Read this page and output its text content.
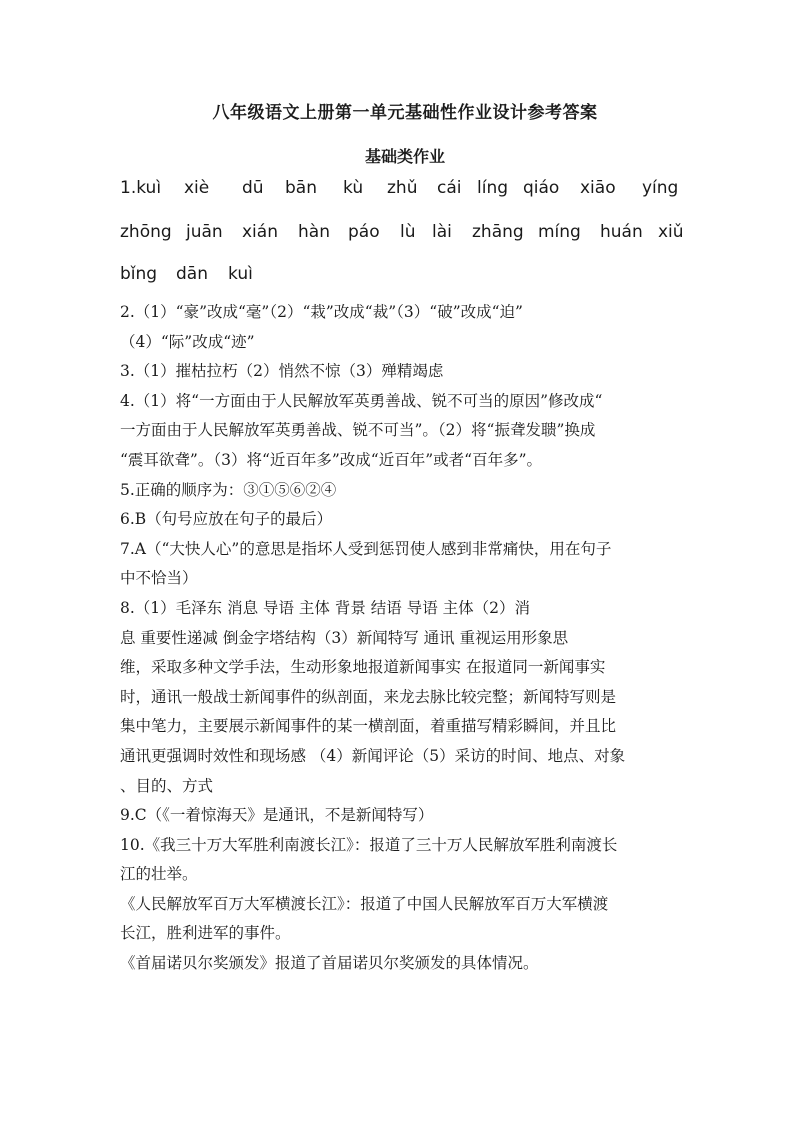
八年级语文上册第一单元基础性作业设计参考答案
基础类作业
1.kuì	xiè	dū	bān	kù	zhǔ	cái líng qiáo	xiāo	yíng
zhōng juān	xián	hàn	páo	lù lài	zhāng míng	huán xiǔ
bǐng dān	kuì
2.（1）“豪”改成“毫”（2）“栽”改成“裁”（3）“破”改成“迫”
（4）“际”改成“迹”
3.（1）摧枯拉朽（2）悄然不惊（3）殚精竭虑
4.（1）将“一方面由于人民解放军英勇善战、锐不可当的原因”修改成“
一方面由于人民解放军英勇善战、锐不可当”。（2）将“振聋发聩”换成
“震耳欲聋”。（3）将“近百年多”改成“近百年”或者“百年多”。
5.正确的顺序为：③①⑤⑥②④
6.B（句号应放在句子的最后）
7.A（“大快人心”的意思是指坏人受到惩罚使人感到非常痛快，用在句子
中不恰当）
8.（1）毛泽东 消息 导语 主体 背景 结语 导语 主体（2）消
息 重要性递减 倒金字塔结构（3）新闻特写 通讯 重视运用形象思
维，采取多种文学手法，生动形象地报道新闻事实 在报道同一新闻事实
时，通讯一般战士新闻事件的纵剖面，来龙去脉比较完整；新闻特写则是
集中笔力，主要展示新闻事件的某一横剖面，着重描写精彩瞬间，并且比
通讯更强调时效性和现场感 （4）新闻评论（5）采访的时间、地点、对象
、目的、方式
9.C（《一着惊海天》是通讯，不是新闻特写）
10.《我三十万大军胜利南渡长江》：报道了三十万人民解放军胜利南渡长
江的壮举。
《人民解放军百万大军横渡长江》：报道了中国人民解放军百万大军横渡
长江，胜利进军的事件。
《首届诺贝尔奖颁发》报道了首届诺贝尔奖颁发的具体情况。
